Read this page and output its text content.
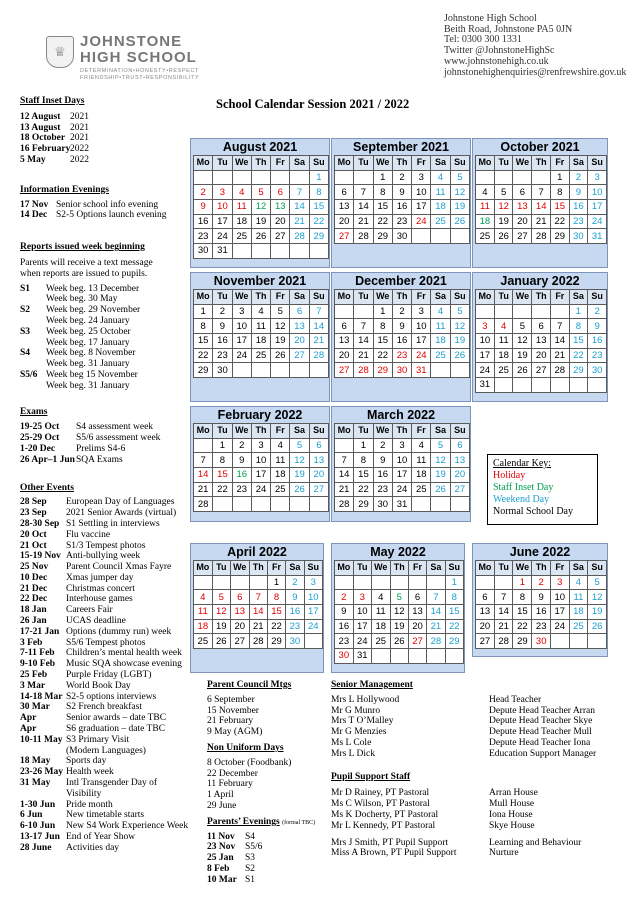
♕
JOHNSTONE
HIGH SCHOOL
DETERMINATION•HONESTY•RESPECT
FRIENDSHIP•TRUST•RESPONSIBILITY
Johnstone High School
Beith Road, Johnstone PA5 0JN
Tel: 0300 300 1331
Twitter @JohnstoneHighSc
www.johnstonehigh.co.uk
johnstonehighenquiries@renfrewshire.gov.uk
School Calendar Session 2021 / 2022
Staff Inset Days
12 August 2021
13 August 2021
18 October 2021
16 February2022
5 May	2022
Information Evenings
17 Nov Senior school info evening
14 Dec S2-5 Options launch evening
Reports issued week beginning
Parents will receive a text message
when reports are issued to pupils.
S1 Week beg. 13 December
Week beg. 30 May
S2 Week beg. 29 November
Week beg. 24 January
S3 Week beg. 25 October
Week beg. 17 January
S4 Week beg. 8 November
Week beg. 31 January
S5/6 Week beg 15 November
Week beg. 31 January
Exams
19-25 Oct S4 assessment week
25-29 Oct S5/6 assessment week
1-20 Dec Prelims S4-6
26 Apr–1 JunSQA Exams
Other Events
28 Sep European Day of Languages
23 Sep 2021 Senior Awards (virtual)
28-30 Sep S1 Settling in interviews
20 Oct Flu vaccine
21 Oct S1/3 Tempest photos
15-19 Nov Anti-bullying week
25 Nov Parent Council Xmas Fayre
10 Dec Xmas jumper day
21 Dec Christmas concert
22 Dec Interhouse games
18 Jan Careers Fair
26 Jan UCAS deadline
17-21 Jan Options (dummy run) week
3 Feb S5/6 Tempest photos
7-11 Feb Children’s mental health week
9-10 Feb Music SQA showcase evening
25 Feb Purple Friday (LGBT)
3 Mar World Book Day
14-18 Mar S2-5 options interviews
30 Mar S2 French breakfast
Apr	Senior awards – date TBC
Apr	S6 graduation – date TBC
10-11 May S3 Primary Visit
(Modern Languages)
18 May Sports day
23-26 May Health week
31 May Intl Transgender Day of
Visibility
1-30 Jun Pride month
6 Jun New timetable starts
6-10 Jun New S4 Work Experience Week
13-17 Jun End of Year Show
28 June Activities day
August 2021
Mo	Tu	We	Th	Fr	Sa	Su
						1
2	3	4	5	6	7	8
9	10	11	12	13	14	15
16	17	18	19	20	21	22
23	24	25	26	27	28	29
30	31					
September 2021
Mo	Tu	We	Th	Fr	Sa	Su
		1	2	3	4	5
6	7	8	9	10	11	12
13	14	15	16	17	18	19
20	21	22	23	24	25	26
27	28	29	30			
October 2021
Mo	Tu	We	Th	Fr	Sa	Su
				1	2	3
4	5	6	7	8	9	10
11	12	13	14	15	16	17
18	19	20	21	22	23	24
25	26	27	28	29	30	31
November 2021
Mo	Tu	We	Th	Fr	Sa	Su
1	2	3	4	5	6	7
8	9	10	11	12	13	14
15	16	17	18	19	20	21
22	23	24	25	26	27	28
29	30					
December 2021
Mo	Tu	We	Th	Fr	Sa	Su
		1	2	3	4	5
6	7	8	9	10	11	12
13	14	15	16	17	18	19
20	21	22	23	24	25	26
27	28	29	30	31		
January 2022
Mo	Tu	We	Th	Fr	Sa	Su
					1	2
3	4	5	6	7	8	9
10	11	12	13	14	15	16
17	18	19	20	21	22	23
24	25	26	27	28	29	30
31						
February 2022
Mo	Tu	We	Th	Fr	Sa	Su
	1	2	3	4	5	6
7	8	9	10	11	12	13
14	15	16	17	18	19	20
21	22	23	24	25	26	27
28						
March 2022
Mo	Tu	We	Th	Fr	Sa	Su
	1	2	3	4	5	6
7	8	9	10	11	12	13
14	15	16	17	18	19	20
21	22	23	24	25	26	27
28	29	30	31			
April 2022
Mo	Tu	We	Th	Fr	Sa	Su
				1	2	3
4	5	6	7	8	9	10
11	12	13	14	15	16	17
18	19	20	21	22	23	24
25	26	27	28	29	30	
May 2022
Mo	Tu	We	Th	Fr	Sa	Su
						1
2	3	4	5	6	7	8
9	10	11	12	13	14	15
16	17	18	19	20	21	22
23	24	25	26	27	28	29
30	31					
June 2022
Mo	Tu	We	Th	Fr	Sa	Su
		1	2	3	4	5
6	7	8	9	10	11	12
13	14	15	16	17	18	19
20	21	22	23	24	25	26
27	28	29	30			
Calendar Key:
Holiday
Staff Inset Day
Weekend Day
Normal School Day
Parent Council Mtgs
6 September
15 November
21 February
9 May (AGM)
Non Uniform Days
8 October (Foodbank)
22 December
11 February
1 April
29 June
Parents’ Evenings (formal TBC)
11 Nov S4
23 Nov S5/6
25 Jan S3
8 Feb S2
10 Mar S1
Senior Management
Mrs L Hollywood	Head Teacher
Mr G Munro	Depute Head Teacher Arran
Mrs T O’Malley	Depute Head Teacher Skye
Mr G Menzies	Depute Head Teacher Mull
Ms L Cole	Depute Head Teacher Iona
Mrs L Dick	Education Support Manager
Pupil Support Staff
Mr D Rainey, PT Pastoral	Arran House
Ms C Wilson, PT Pastoral	Mull House
Ms K Docherty, PT Pastoral	Iona House
Mr L Kennedy, PT Pastoral	Skye House
Mrs J Smith, PT Pupil Support	Learning and Behaviour
Miss A Brown, PT Pupil Support	Nurture
